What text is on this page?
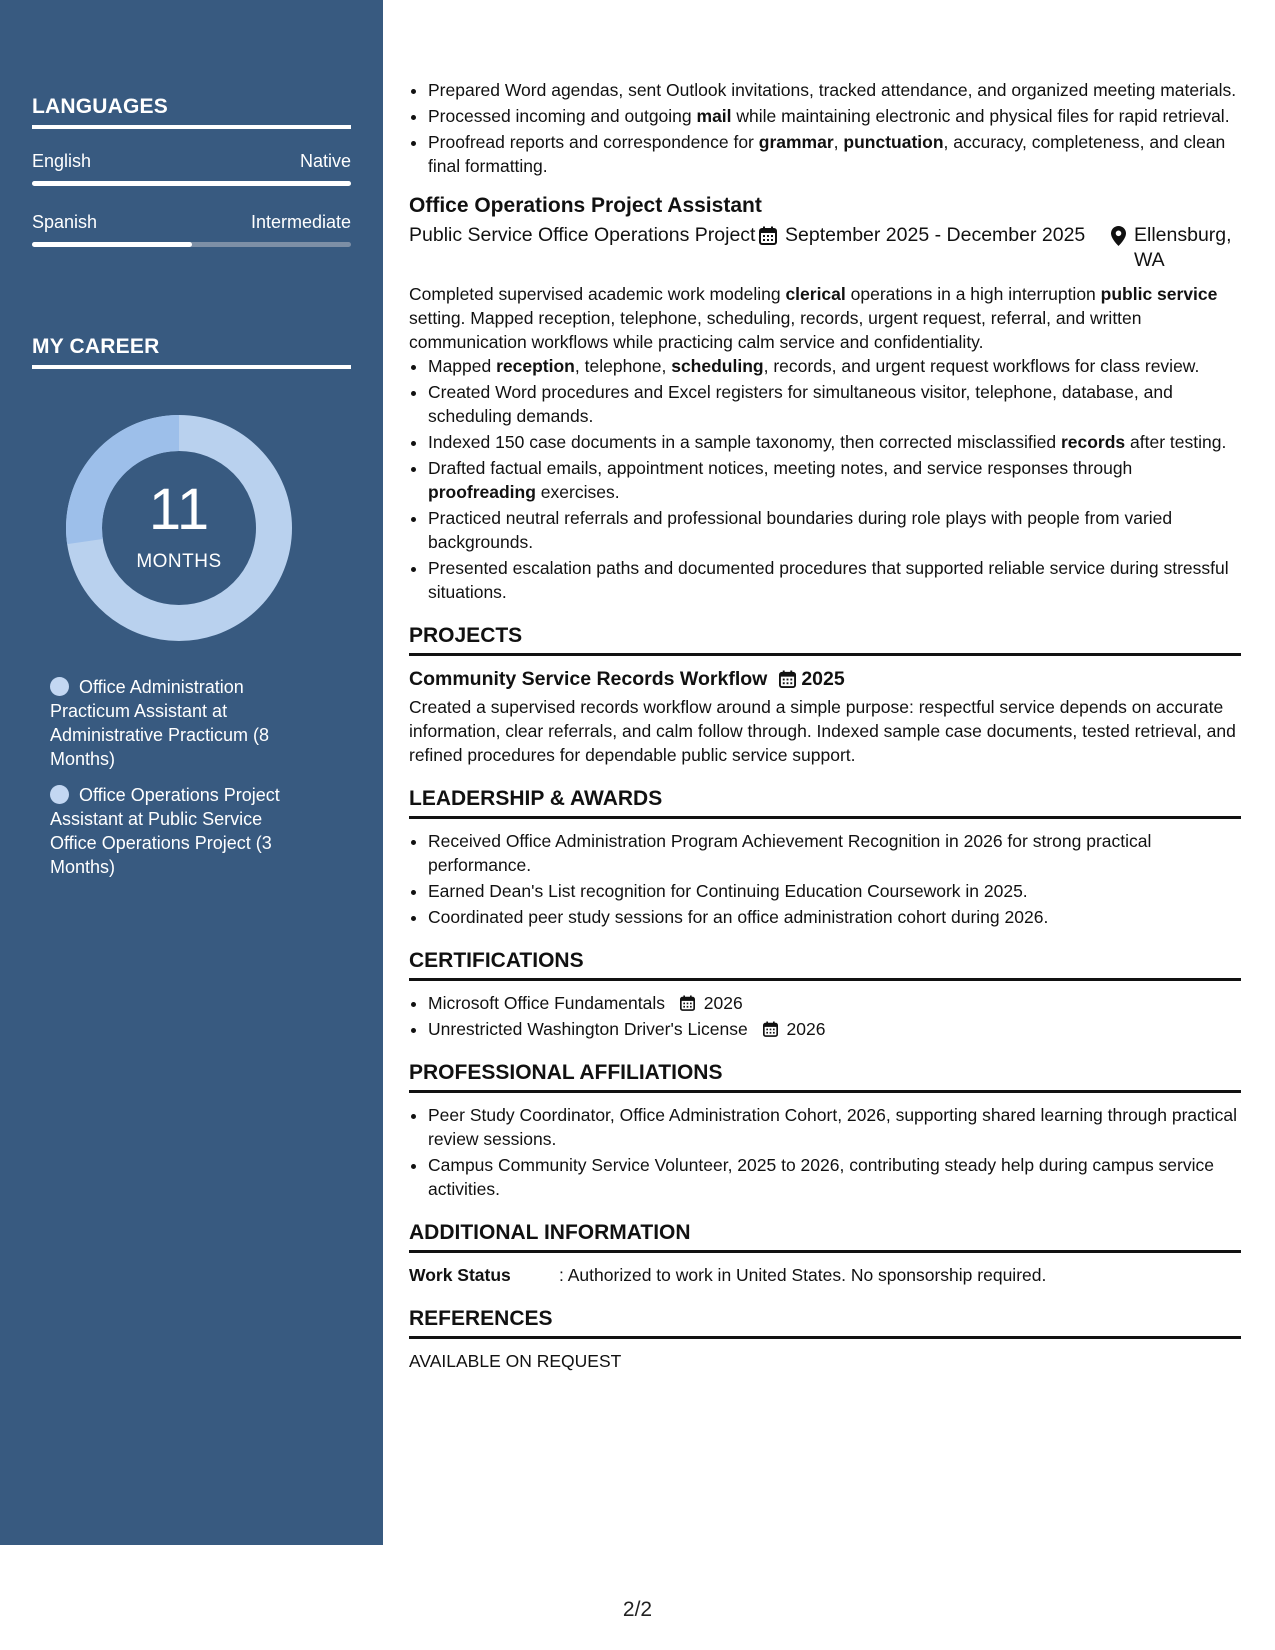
LANGUAGES
English	Native
Spanish	Intermediate
MY CAREER
11
MONTHS
Office Administration Practicum Assistant at Administrative Practicum (8 Months)
Office Operations Project Assistant at Public Service Office Operations Project (3 Months)
• Prepared Word agendas, sent Outlook invitations, tracked attendance, and organized meeting materials.
• Processed incoming and outgoing mail while maintaining electronic and physical files for rapid retrieval.
• Proofread reports and correspondence for grammar, punctuation, accuracy, completeness, and clean final formatting.
Office Operations Project Assistant
Public Service Office Operations Project September 2025 - December 2025 Ellensburg, WA
Completed supervised academic work modeling clerical operations in a high interruption public service setting. Mapped reception, telephone, scheduling, records, urgent request, referral, and written communication workflows while practicing calm service and confidentiality.
• Mapped reception, telephone, scheduling, records, and urgent request workflows for class review.
• Created Word procedures and Excel registers for simultaneous visitor, telephone, database, and scheduling demands.
• Indexed 150 case documents in a sample taxonomy, then corrected misclassified records after testing.
• Drafted factual emails, appointment notices, meeting notes, and service responses through proofreading exercises.
• Practiced neutral referrals and professional boundaries during role plays with people from varied backgrounds.
• Presented escalation paths and documented procedures that supported reliable service during stressful situations.
PROJECTS
Community Service Records Workflow 2025
Created a supervised records workflow around a simple purpose: respectful service depends on accurate information, clear referrals, and calm follow through. Indexed sample case documents, tested retrieval, and refined procedures for dependable public service support.
LEADERSHIP & AWARDS
• Received Office Administration Program Achievement Recognition in 2026 for strong practical performance.
• Earned Dean's List recognition for Continuing Education Coursework in 2025.
• Coordinated peer study sessions for an office administration cohort during 2026.
CERTIFICATIONS
• Microsoft Office Fundamentals 2026
• Unrestricted Washington Driver's License 2026
PROFESSIONAL AFFILIATIONS
• Peer Study Coordinator, Office Administration Cohort, 2026, supporting shared learning through practical review sessions.
• Campus Community Service Volunteer, 2025 to 2026, contributing steady help during campus service activities.
ADDITIONAL INFORMATION
Work Status	: Authorized to work in United States. No sponsorship required.
REFERENCES
AVAILABLE ON REQUEST
2/2
